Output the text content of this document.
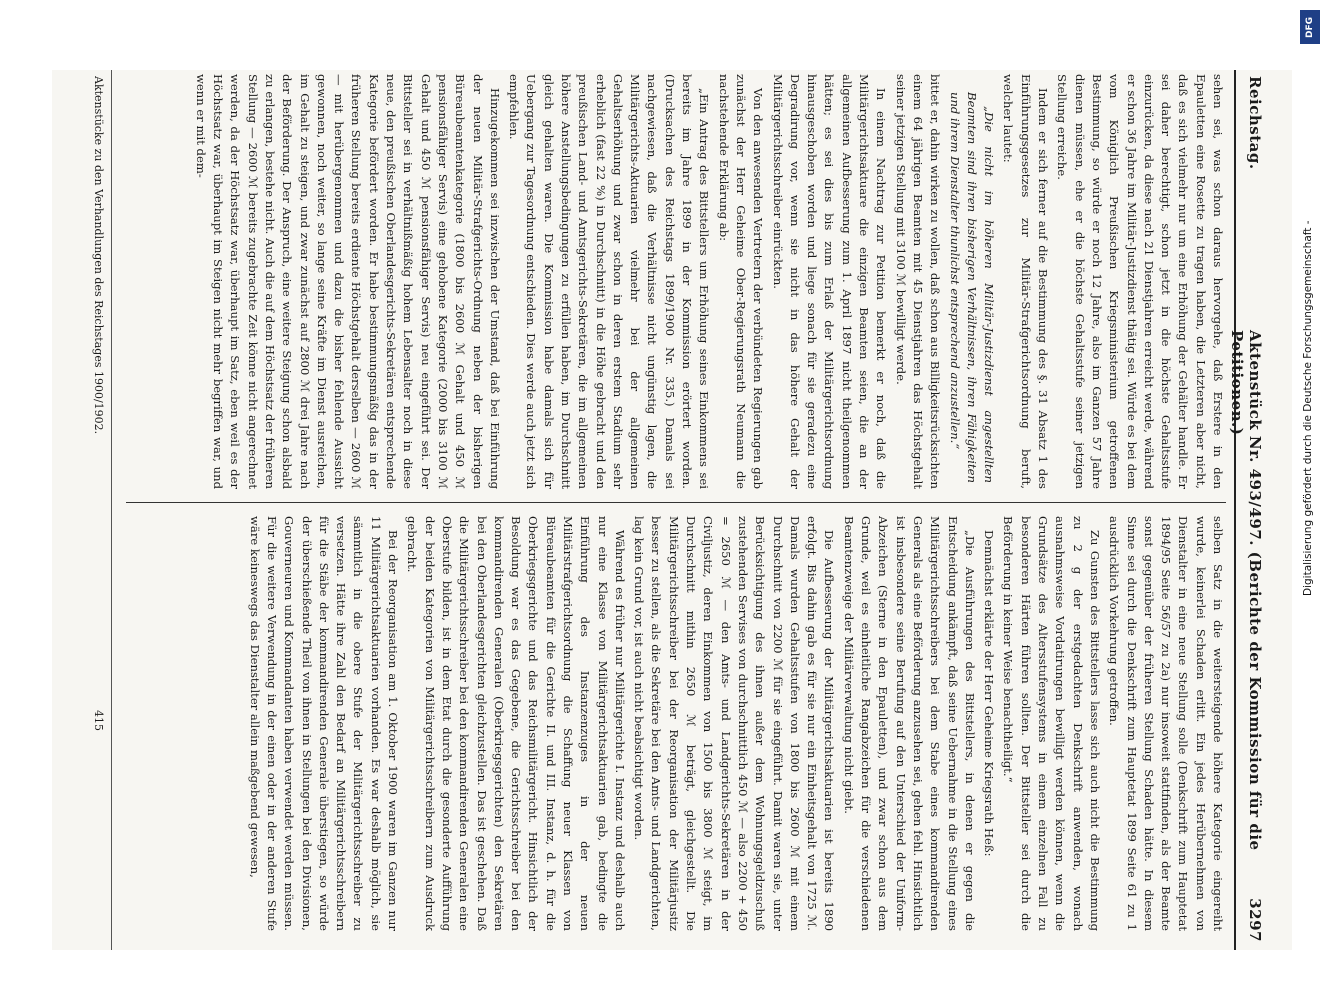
Reichstag.
Aktenstück Nr. 493/497. (Berichte der Kommission für die Petitionen.)
3297

sehen sei, was schon daraus hervorgehe, daß Erstere in den Epauletten eine Rosette zu tragen haben, die Letzteren aber nicht, daß es sich vielmehr nur um eine Erhöhung der Gehälter handle. Er sei daher berechtigt, schon jetzt in die höchste Gehaltsstufe einzurücken, da diese nach 21 Dienstjahren erreicht werde, während er schon 36 Jahre im Militär-Justizdienst thätig sei. Würde es bei dem vom Königlich Preußischen Kriegsministerium getroffenen Bestimmung, so würde er noch 12 Jahre, also im Ganzen 57 Jahre dienen müssen, ehe er die höchste Gehaltsstufe seiner jetzigen Stellung erreiche.

Indem er sich ferner auf die Bestimmung des §. 31 Absatz 1 des Einführungsgesetzes zur Militär-Strafgerichtsordnung beruft, welcher lautet:

„Die nicht im höheren Militär-Justizdienst angestellten Beamten sind ihren bisherigen Verhältnissen, ihren Fähigkeiten und ihrem Dienstalter thunlichst entsprechend anzustellen.“

bittet er, dahin wirken zu wollen, daß schon aus Billigkeitsrücksichten einem 64 jährigen Beamten mit 45 Dienstjahren das Höchstgehalt seiner jetzigen Stellung mit 3100 ℳ bewilligt werde.

In einem Nachtrag zur Petition bemerkt er noch, daß die Militärgerichtsaktuare die einzigen Beamten seien, die an der allgemeinen Aufbesserung zum 1. April 1897 nicht theilgenommen hätten; es sei dies bis zum Erlaß der Militärgerichtsordnung hinausgeschoben worden und liege sonach für sie geradezu eine Degradirung vor, wenn sie nicht in das höhere Gehalt der Militärgerichtsschreiber einrückten.

Von den anwesenden Vertretern der verbündeten Regierungen gab zunächst der Herr Geheime Ober-Regierungsrath Neumann die nachstehende Erklärung ab:

„Ein Antrag des Bittstellers um Erhöhung seines Einkommens sei bereits im Jahre 1899 in der Kommission erörtert worden. (Drucksachen des Reichstags 1899/1900 Nr. 335.) Damals sei nachgewiesen, daß die Verhältnisse nicht ungünstig lagen, die Militärgerichts-Aktuarien vielmehr bei der allgemeinen Gehaltserhöhung und zwar schon in deren erstem Stadium sehr erheblich (fast 22 %) in Durchschnitt) in die Höhe gebracht und den preußischen Land- und Amtsgerichts-Sekretären, die im allgemeinen höhere Anstellungsbedingungen zu erfüllen haben, im Durchschnitt gleich gehalten waren. Die Kommission habe damals sich für Uebergang zur Tagesordnung entschieden. Dies werde auch jetzt sich empfehlen.

Hinzugekommen sei inzwischen der Umstand, daß bei Einführung der neuen Militär-Strafgerichts-Ordnung neben der bisherigen Büreaubeamtenkategorie (1800 bis 2600 ℳ Gehalt und 450 ℳ pensionsfähiger Servis) eine gehobene Kategorie (2000 bis 3100 ℳ Gehalt und 450 ℳ pensionsfähiger Servis) neu eingeführt sei. Der Bittsteller sei in verhältnißmäßig hohem Lebensalter noch in diese neue, den preußischen Oberlandesgerichts-Sekretären entsprechende Kategorie befördert worden. Er habe bestimmungsmäßig das in der früheren Stellung bereits erdiente Höchstgehalt derselben — 2600 ℳ — mit herübergenommen und dazu die bisher fehlende Aussicht gewonnen, noch weiter, so lange seine Kräfte im Dienst ausreichen, im Gehalt zu steigen, und zwar zunächst auf 2800 ℳ drei Jahre nach der Beförderung. Der Anspruch, eine weitere Steigung schon alsbald zu erlangen, bestehe nicht. Auch die auf dem Höchstsatz der früheren Stellung — 2600 ℳ bereits zugebrachte Zeit könne nicht angerechnet werden, da der Höchstsatz war, überhaupt im Satz, eben weil es der Höchstsatz war, überhaupt im Steigen nicht mehr begriffen war, und wenn er mit dem-

selben Satz in die weitersteigende höhere Kategorie eingereiht wurde, keinerlei Schaden erlitt. Ein jedes Herübernehmen von Dienstalter in eine neue Stellung solle (Denkschrift zum Hauptetat 1894/95 Seite 56/57 zu 2a) nur insoweit stattfinden, als der Beamte sonst gegenüber der früheren Stellung Schaden hätte. In diesem Sinne sei durch die Denkschrift zum Hauptetat 1899 Seite 61 zu 1 ausdrücklich Vorkehrung getroffen.

Zu Gunsten des Bittstellers lasse sich auch nicht die Bestimmung zu 2 g der erstgedachten Denkschrift anwenden, wonach ausnahmsweise Vordatirungen bewilligt werden können, wenn die Grundsätze des Altersstufensystems in einem einzelnen Fall zu besonderen Härten führen sollten. Der Bittsteller sei durch die Beförderung in keiner Weise benachtheiligt.“

Demnächst erklärte der Herr Geheime Kriegsrath Heß:

„Die Ausführungen des Bittstellers, in denen er gegen die Entscheidung ankämpft, daß seine Uebernahme in die Stellung eines Militärgerichtsschreibers bei dem Stabe eines kommandirenden Generals als eine Beförderung anzusehen sei, gehen fehl. Hinsichtlich ist insbesondere seine Berufung auf den Unterschied der Uniform-Abzeichen (Sterne in den Epauletten), und zwar schon aus dem Grunde, weil es einheitliche Rangabzeichen für die verschiedenen Beamtenzweige der Militärverwaltung nicht giebt.

Die Aufbesserung der Militärgerichtsaktuarien ist bereits 1890 erfolgt. Bis dahin gab es für sie nur ein Einheitsgehalt von 1725 ℳ. Damals wurden Gehaltsstufen von 1800 bis 2600 ℳ mit einem Durchschnitt von 2200 ℳ für sie eingeführt. Damit waren sie, unter Berücksichtigung des ihnen außer dem Wohnungsgeldzuschuß zustehenden Servises von durchschnittlich 450 ℳ — also 2200 + 450 = 2650 ℳ — den Amts- und Landgerichts-Sekretären in der Civiljustiz, deren Einkommen von 1500 bis 3800 ℳ steigt, im Durchschnitt mithin 2650 ℳ beträgt, gleichgestellt. Die Militärgerichtsschreiber bei der Reorganisation der Militärjustiz besser zu stellen, als die Sekretäre bei den Amts- und Landgerichten, lag kein Grund vor, ist auch nicht beabsichtigt worden.

Während es früher nur Militärgerichte I. Instanz und deshalb auch nur eine Klasse von Militärgerichtsaktuarien gab, bedingte die Einführung des Instanzenzuges in der neuen Militärstrafgerichtsordnung die Schaffung neuer Klassen von Büreaubeamten für die Gerichte II. und III. Instanz, d. h. für die Oberkriegsgerichte und das Reichsmilitärgericht. Hinsichtlich der Besoldung war es das Gegebene, die Gerichtsschreiber bei den kommandirenden Generalen (Oberkriegsgerichten) den Sekretären bei den Oberlandesgerichten gleichzustellen. Das ist geschehen. Daß die Militärgerichtsschreiber bei den kommandirenden Generalen eine Oberstufe bilden, ist in dem Etat durch die gesonderte Aufführung der beiden Kategorien von Militärgerichtsschreibern zum Ausdruck gebracht.

Bei der Reorganisation am 1. Oktober 1900 waren im Ganzen nur 11 Militärgerichtsaktuarien vorhanden. Es war deshalb möglich, sie sämmtlich in die obere Stufe der Militärgerichtsschreiber zu versetzen. Hätte ihre Zahl den Bedarf an Militärgerichtsschreibern für die Stäbe der kommandirenden Generale überstiegen, so würde der überschießende Theil von ihnen in Stellungen bei den Divisionen, Gouverneuren und Kommandanten haben verwendet werden müssen. Für die weitere Verwendung in der einen oder in der anderen Stufe wäre keineswegs das Dienstalter allein maßgebend gewesen,

Aktenstücke zu den Verhandlungen des Reichstages 1900/1902.
415
DFG
Digitalisierung gefördert durch die Deutsche Forschungsgemeinschaft -
